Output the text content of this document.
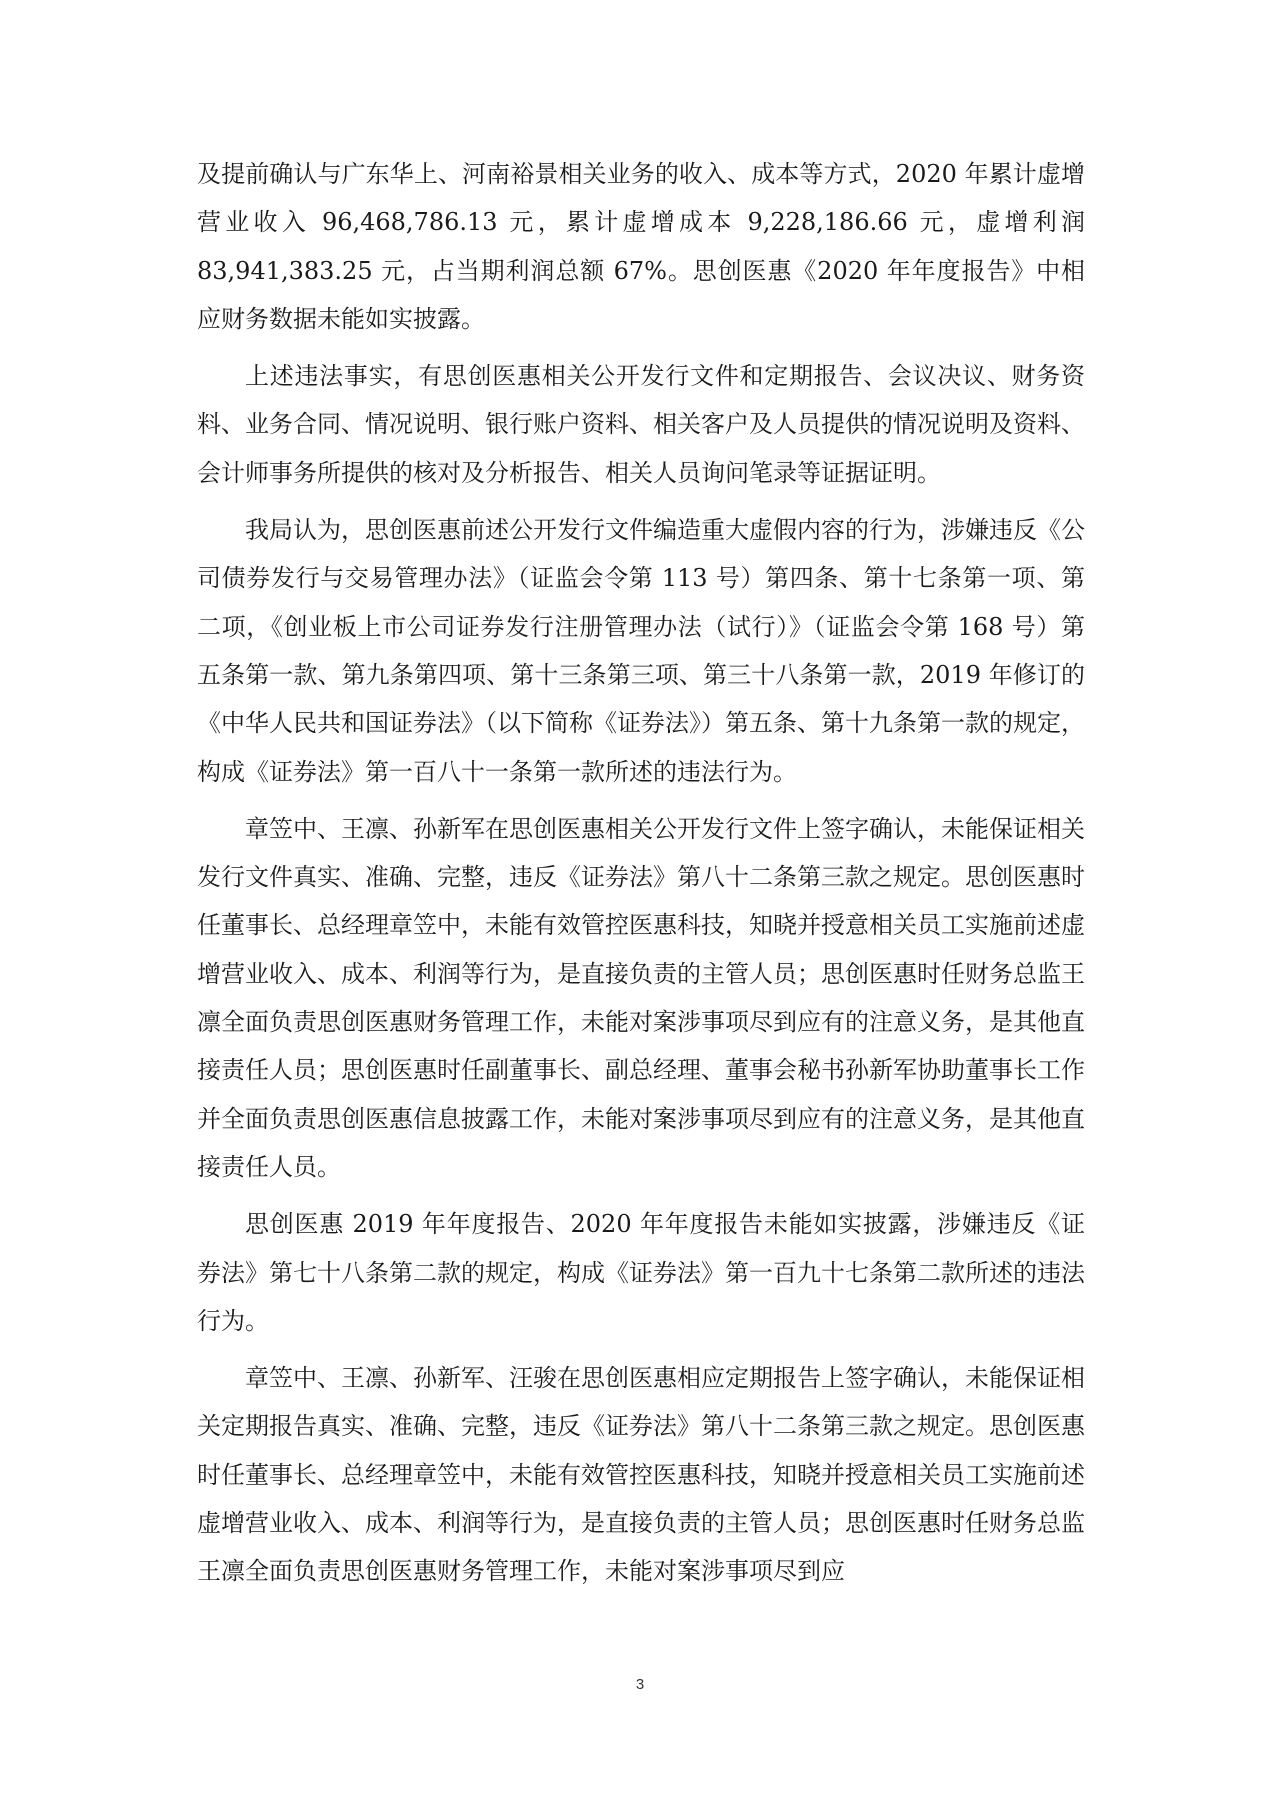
及提前确认与广东华上、河南裕景相关业务的收入、成本等方式，2020 年累计虚增营业收入 96,468,786.13 元，累计虚增成本 9,228,186.66 元，虚增利润 83,941,383.25 元，占当期利润总额 67%。思创医惠《2020 年年度报告》中相应财务数据未能如实披露。

上述违法事实，有思创医惠相关公开发行文件和定期报告、会议决议、财务资料、业务合同、情况说明、银行账户资料、相关客户及人员提供的情况说明及资料、会计师事务所提供的核对及分析报告、相关人员询问笔录等证据证明。

我局认为，思创医惠前述公开发行文件编造重大虚假内容的行为，涉嫌违反《公司债券发行与交易管理办法》（证监会令第 113 号）第四条、第十七条第一项、第二项，《创业板上市公司证券发行注册管理办法（试行）》（证监会令第 168 号）第五条第一款、第九条第四项、第十三条第三项、第三十八条第一款，2019 年修订的《中华人民共和国证券法》（以下简称《证券法》）第五条、第十九条第一款的规定，构成《证券法》第一百八十一条第一款所述的违法行为。

章笠中、王凛、孙新军在思创医惠相关公开发行文件上签字确认，未能保证相关发行文件真实、准确、完整，违反《证券法》第八十二条第三款之规定。思创医惠时任董事长、总经理章笠中，未能有效管控医惠科技，知晓并授意相关员工实施前述虚增营业收入、成本、利润等行为，是直接负责的主管人员；思创医惠时任财务总监王凛全面负责思创医惠财务管理工作，未能对案涉事项尽到应有的注意义务，是其他直接责任人员；思创医惠时任副董事长、副总经理、董事会秘书孙新军协助董事长工作并全面负责思创医惠信息披露工作，未能对案涉事项尽到应有的注意义务，是其他直接责任人员。

思创医惠 2019 年年度报告、2020 年年度报告未能如实披露，涉嫌违反《证券法》第七十八条第二款的规定，构成《证券法》第一百九十七条第二款所述的违法行为。

章笠中、王凛、孙新军、汪骏在思创医惠相应定期报告上签字确认，未能保证相关定期报告真实、准确、完整，违反《证券法》第八十二条第三款之规定。思创医惠时任董事长、总经理章笠中，未能有效管控医惠科技，知晓并授意相关员工实施前述虚增营业收入、成本、利润等行为，是直接负责的主管人员；思创医惠时任财务总监王凛全面负责思创医惠财务管理工作，未能对案涉事项尽到应

3
